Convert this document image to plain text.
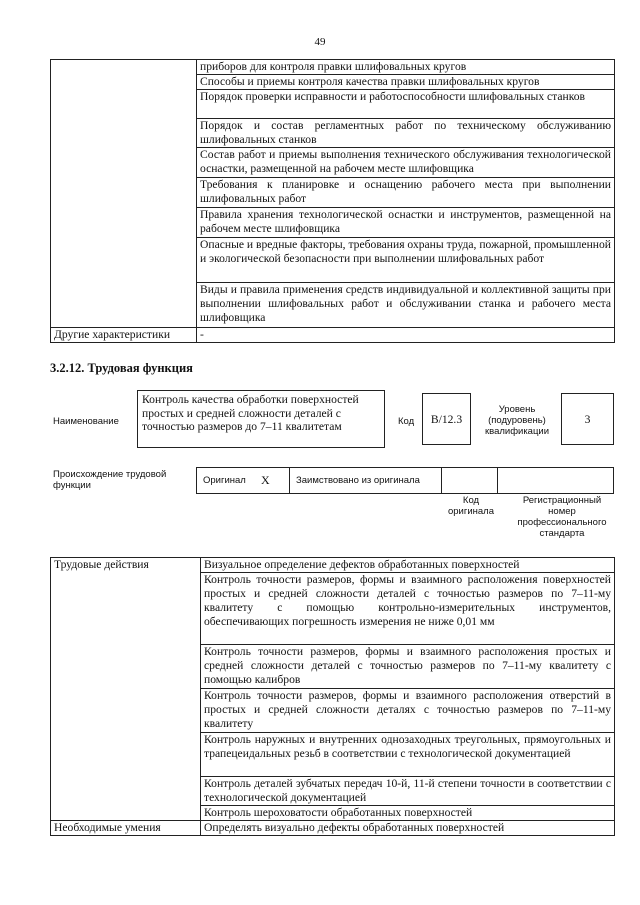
49
	приборов для контроля правки шлифовальных кругов
	Способы и приемы контроля качества правки шлифовальных кругов
	Порядок проверки исправности и работоспособности шлифовальных станков
	Порядок и состав регламентных работ по техническому обслуживанию шлифовальных станков
	Состав работ и приемы выполнения технического обслуживания технологической оснастки, размещенной на рабочем месте шлифовщика
	Требования к планировке и оснащению рабочего места при выполнении шлифовальных работ
	Правила хранения технологической оснастки и инструментов, размещенной на рабочем месте шлифовщика
	Опасные и вредные факторы, требования охраны труда, пожарной, промышленной и экологической безопасности при выполнении шлифовальных работ
	Виды и правила применения средств индивидуальной и коллективной защиты при выполнении шлифовальных работ и обслуживании станка и рабочего места шлифовщика
Другие характеристики	-
3.2.12. Трудовая функция
Наименование
Контроль качества обработки поверхностей простых и средней сложности деталей с точностью размеров до 7–11 квалитетам	Код B/12.3
Уровень (подуровень) квалификации
3
Происхождение трудовой функции	Оригинал X	Заимствовано из оригинала
Код оригинала
Регистрационный номер профессионального стандарта
Трудовые действия	Визуальное определение дефектов обработанных поверхностей
	Контроль точности размеров, формы и взаимного расположения поверхностей простых и средней сложности деталей с точностью размеров по 7–11-му квалитету с помощью контрольно-измерительных инструментов, обеспечивающих погрешность измерения не ниже 0,01 мм
	Контроль точности размеров, формы и взаимного расположения простых и средней сложности деталей с точностью размеров по 7–11-му квалитету с помощью калибров
	Контроль точности размеров, формы и взаимного расположения отверстий в простых и средней сложности деталях с точностью размеров по 7–11-му квалитету
	Контроль наружных и внутренних однозаходных треугольных, прямоугольных и трапецеидальных резьб в соответствии с технологической документацией
	Контроль деталей зубчатых передач 10-й, 11-й степени точности в соответствии с технологической документацией
	Контроль шероховатости обработанных поверхностей
Необходимые умения	Определять визуально дефекты обработанных поверхностей
